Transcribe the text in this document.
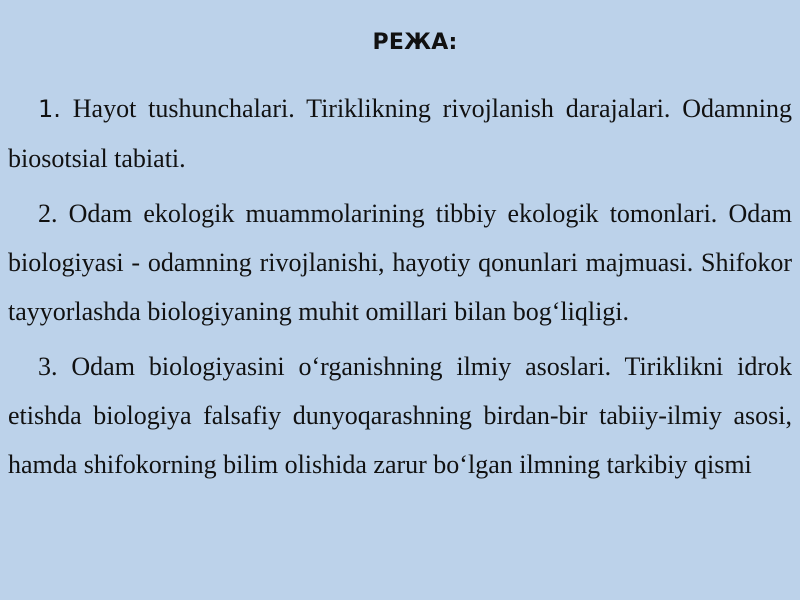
РЕЖА:

1. Hayot tushunchalari. Tiriklikning rivojlanish darajalari. Odamning biosotsial tabiati.

2. Odam ekologik muammolarining tibbiy ekologik tomonlari. Odam biologiyasi - odamning rivojlanishi, hayotiy qonunlari majmuasi. Shifokor tayyorlashda biologiyaning muhit omillari bilan bog‘liqligi.

3. Odam biologiyasini o‘rganishning ilmiy asoslari. Tiriklikni idrok etishda biologiya falsafiy dunyoqarashning birdan-bir tabiiy-ilmiy asosi, hamda shifokorning bilim olishida zarur bo‘lgan ilmning tarkibiy qismi
